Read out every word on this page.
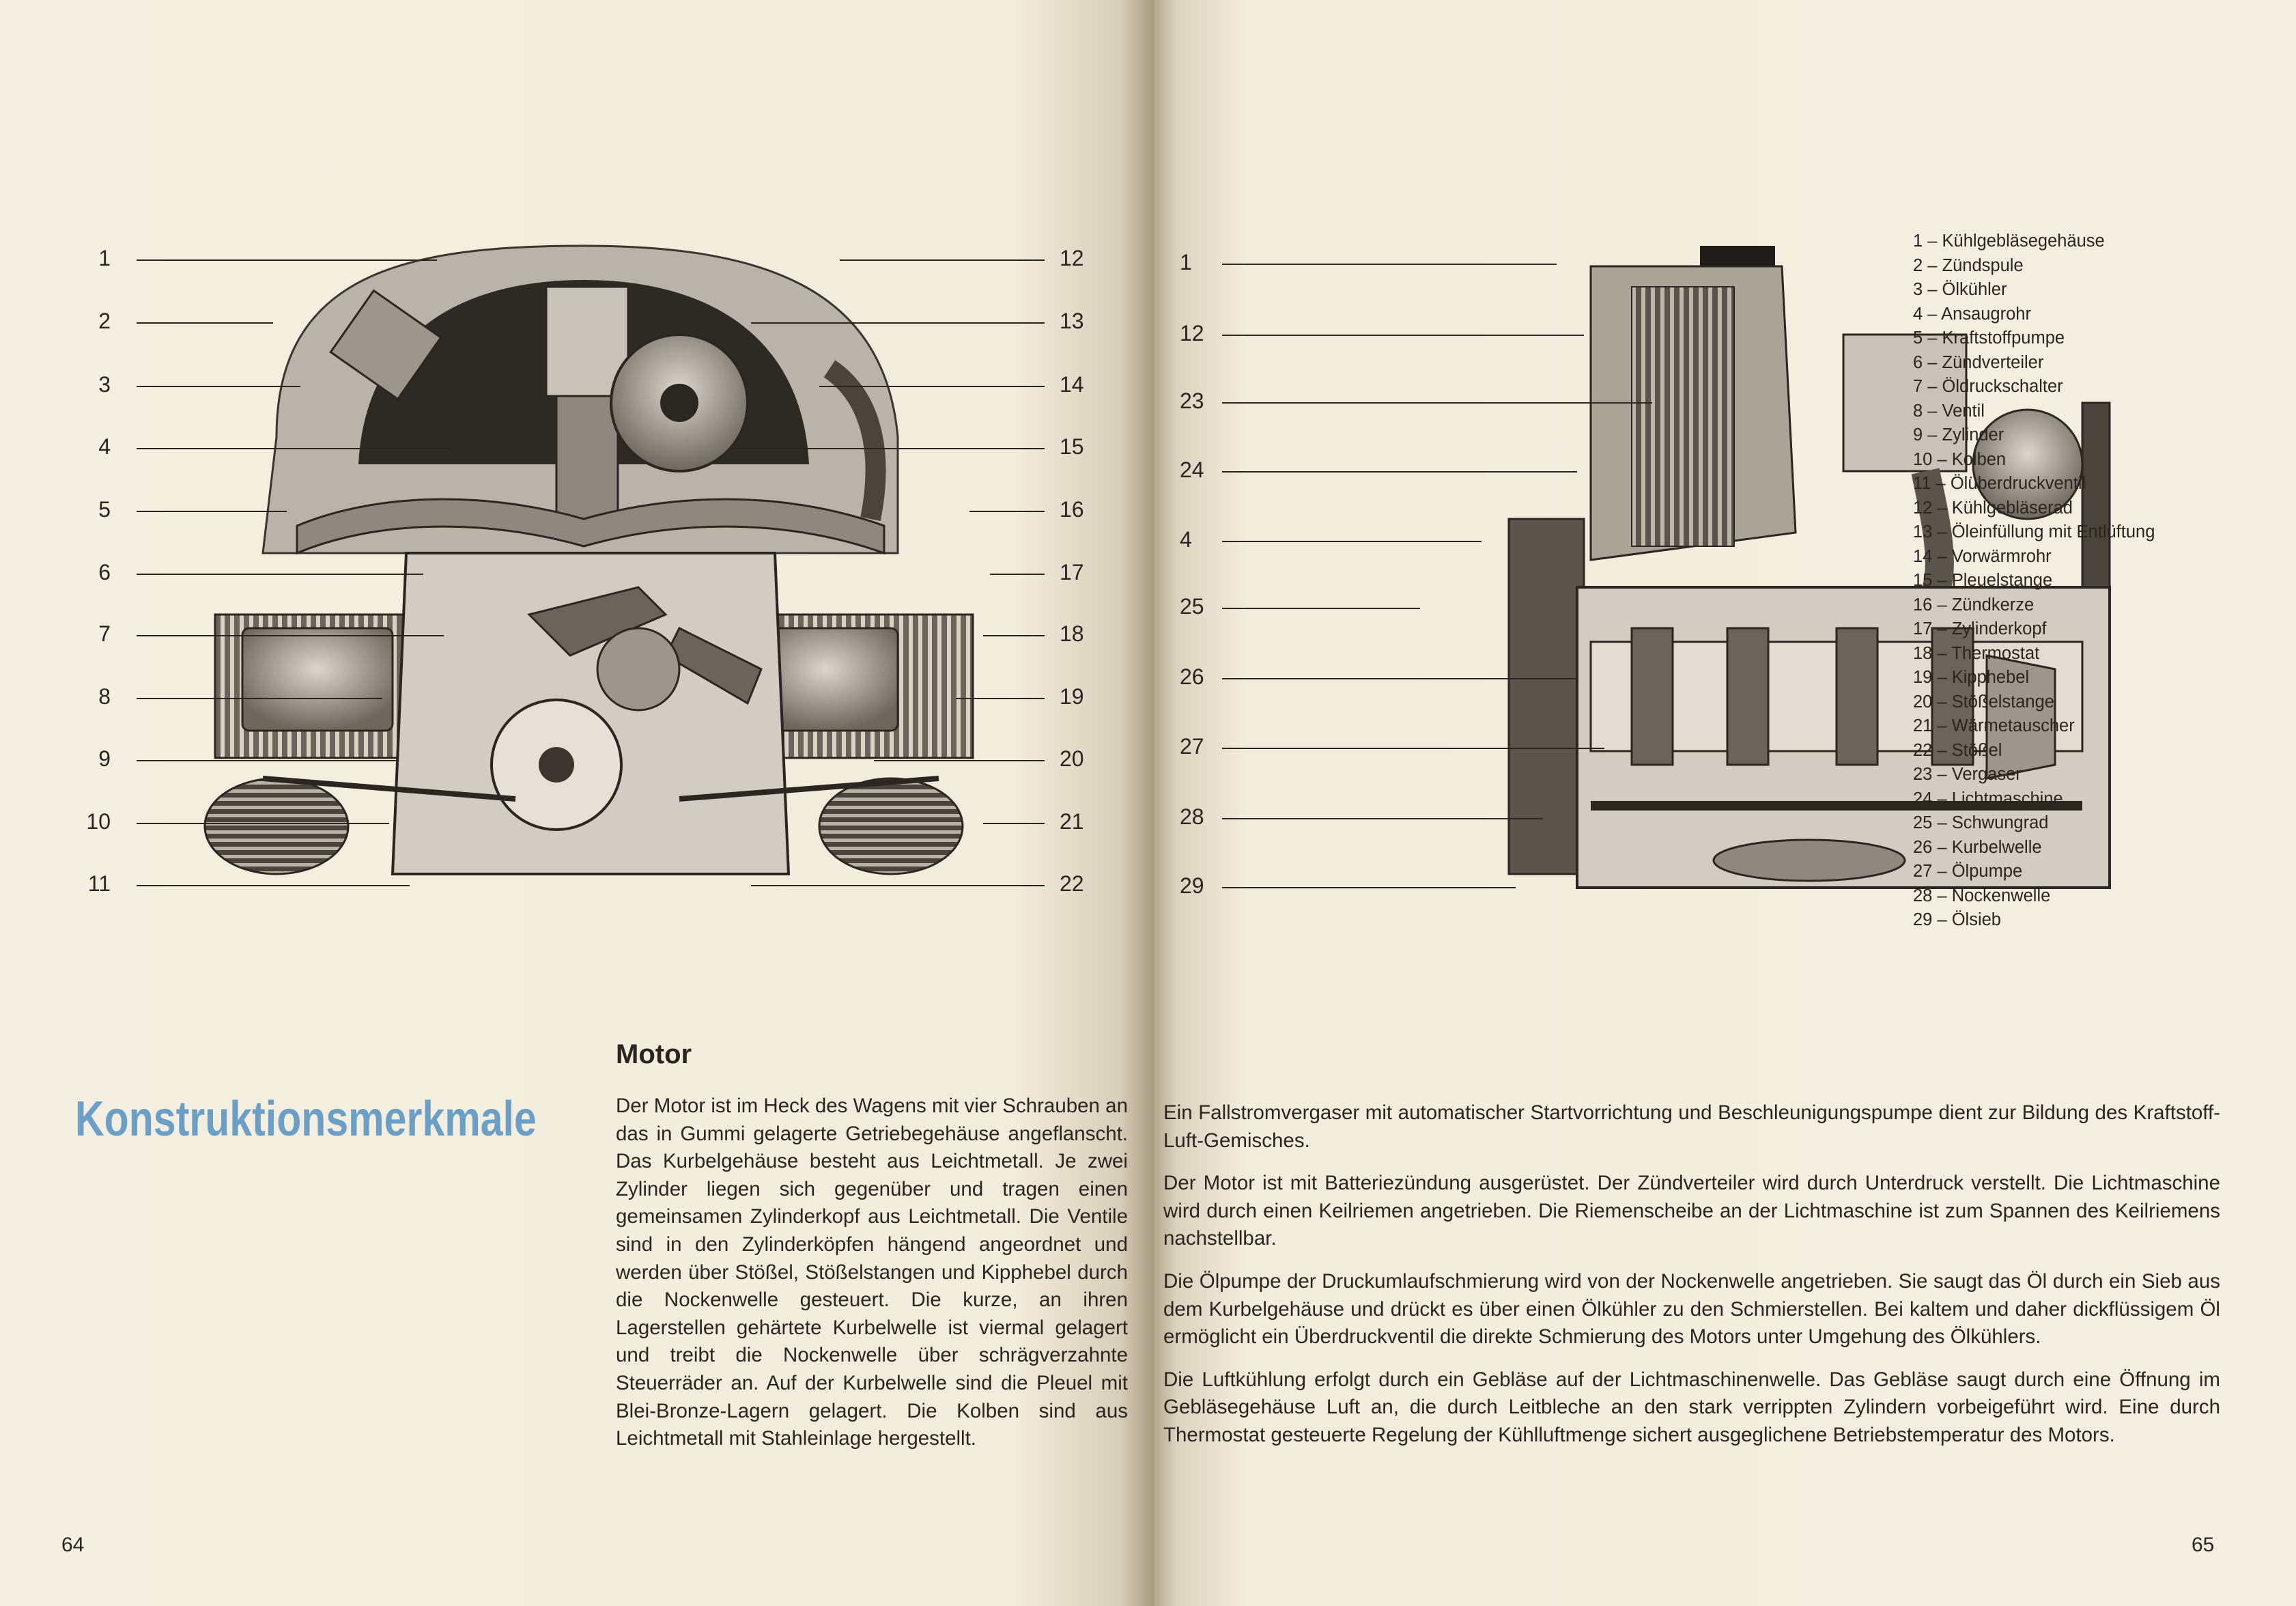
1
2
3
4
5
6
7
8
9
10
11
12
13
14
15
16
17
18
19
20
21
22
Konstruktionsmerkmale
Motor
Der Motor ist im Heck des Wagens mit vier Schrauben an das in Gummi gelagerte Getriebegehäuse angeflanscht. Das Kurbelgehäuse besteht aus Leichtmetall. Je zwei Zylinder liegen sich gegenüber und tragen einen gemeinsamen Zylinderkopf aus Leichtmetall. Die Ventile sind in den Zylinderköpfen hängend angeordnet und werden über Stößel, Stößelstangen und Kipphebel durch die Nockenwelle gesteuert. Die kurze, an ihren Lagerstellen gehärtete Kurbelwelle ist viermal gelagert und treibt die Nockenwelle über schrägverzahnte Steuerräder an. Auf der Kurbelwelle sind die Pleuel mit Blei-Bronze-Lagern gelagert. Die Kolben sind aus Leichtmetall mit Stahleinlage hergestellt.
64
1
12
23
24
4
25
26
27
28
29
1 – Kühlgebläsegehäuse
2 – Zündspule
3 – Ölkühler
4 – Ansaugrohr
5 – Kraftstoffpumpe
6 – Zündverteiler
7 – Öldruckschalter
8 – Ventil
9 – Zylinder
10 – Kolben
11 – Ölüberdruckventil
12 – Kühlgebläserad
13 – Öleinfüllung mit Entlüftung
14 – Vorwärmrohr
15 – Pleuelstange
16 – Zündkerze
17 – Zylinderkopf
18 – Thermostat
19 – Kipphebel
20 – Stößelstange
21 – Wärmetauscher
22 – Stößel
23 – Vergaser
24 – Lichtmaschine
25 – Schwungrad
26 – Kurbelwelle
27 – Ölpumpe
28 – Nockenwelle
29 – Ölsieb

Ein Fallstromvergaser mit automatischer Startvorrichtung und Beschleunigungspumpe dient zur Bildung des Kraftstoff-Luft-Gemisches.

Der Motor ist mit Batteriezündung ausgerüstet. Der Zündverteiler wird durch Unterdruck verstellt. Die Lichtmaschine wird durch einen Keilriemen angetrieben. Die Riemenscheibe an der Lichtmaschine ist zum Spannen des Keilriemens nachstellbar.

Die Ölpumpe der Druckumlaufschmierung wird von der Nockenwelle angetrieben. Sie saugt das Öl durch ein Sieb aus dem Kurbelgehäuse und drückt es über einen Ölkühler zu den Schmierstellen. Bei kaltem und daher dickflüssigem Öl ermöglicht ein Überdruckventil die direkte Schmierung des Motors unter Umgehung des Ölkühlers.

Die Luftkühlung erfolgt durch ein Gebläse auf der Lichtmaschinenwelle. Das Gebläse saugt durch eine Öffnung im Gebläsegehäuse Luft an, die durch Leitbleche an den stark verrippten Zylindern vorbeigeführt wird. Eine durch Thermostat gesteuerte Regelung der Kühlluftmenge sichert ausgeglichene Betriebstemperatur des Motors.

65
